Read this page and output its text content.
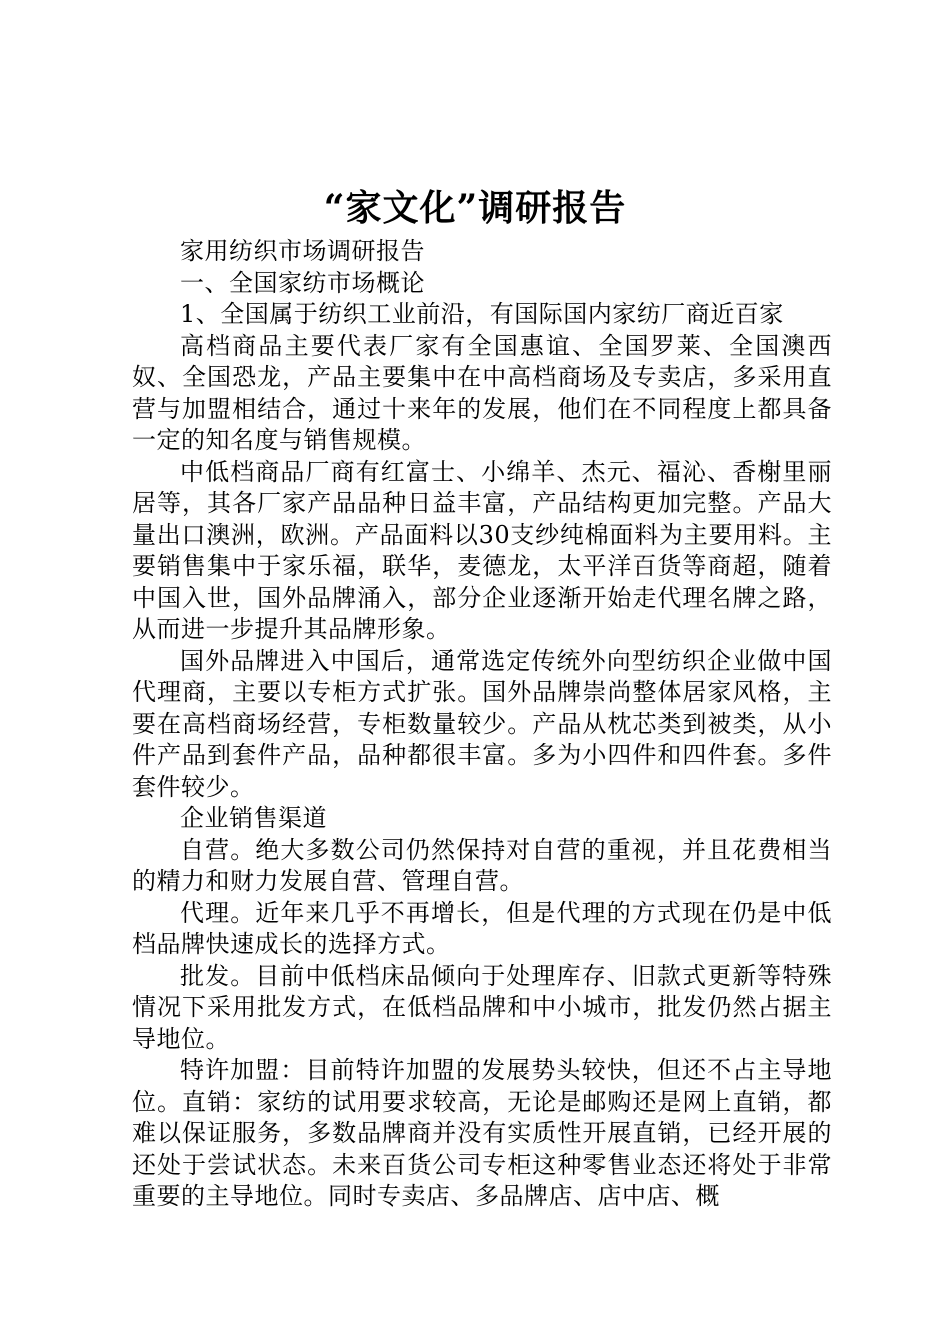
“家文化”调研报告

家用纺织市场调研报告

一、全国家纺市场概论

1、全国属于纺织工业前沿，有国际国内家纺厂商近百家

高档商品主要代表厂家有全国惠谊、全国罗莱、全国澳西奴、全国恐龙，产品主要集中在中高档商场及专卖店，多采用直营与加盟相结合，通过十来年的发展，他们在不同程度上都具备一定的知名度与销售规模。

中低档商品厂商有红富士、小绵羊、杰元、福沁、香榭里丽居等，其各厂家产品品种日益丰富，产品结构更加完整。产品大量出口澳洲，欧洲。产品面料以30支纱纯棉面料为主要用料。主要销售集中于家乐福，联华，麦德龙，太平洋百货等商超，随着中国入世，国外品牌涌入，部分企业逐渐开始走代理名牌之路，从而进一步提升其品牌形象。

国外品牌进入中国后，通常选定传统外向型纺织企业做中国代理商，主要以专柜方式扩张。国外品牌崇尚整体居家风格，主要在高档商场经营，专柜数量较少。产品从枕芯类到被类，从小件产品到套件产品，品种都很丰富。多为小四件和四件套。多件套件较少。

企业销售渠道

自营。绝大多数公司仍然保持对自营的重视，并且花费相当的精力和财力发展自营、管理自营。

代理。近年来几乎不再增长，但是代理的方式现在仍是中低档品牌快速成长的选择方式。

批发。目前中低档床品倾向于处理库存、旧款式更新等特殊情况下采用批发方式，在低档品牌和中小城市，批发仍然占据主导地位。

特许加盟：目前特许加盟的发展势头较快，但还不占主导地位。直销：家纺的试用要求较高，无论是邮购还是网上直销，都难以保证服务，多数品牌商并没有实质性开展直销，已经开展的还处于尝试状态。未来百货公司专柜这种零售业态还将处于非常重要的主导地位。同时专卖店、多品牌店、店中店、概
